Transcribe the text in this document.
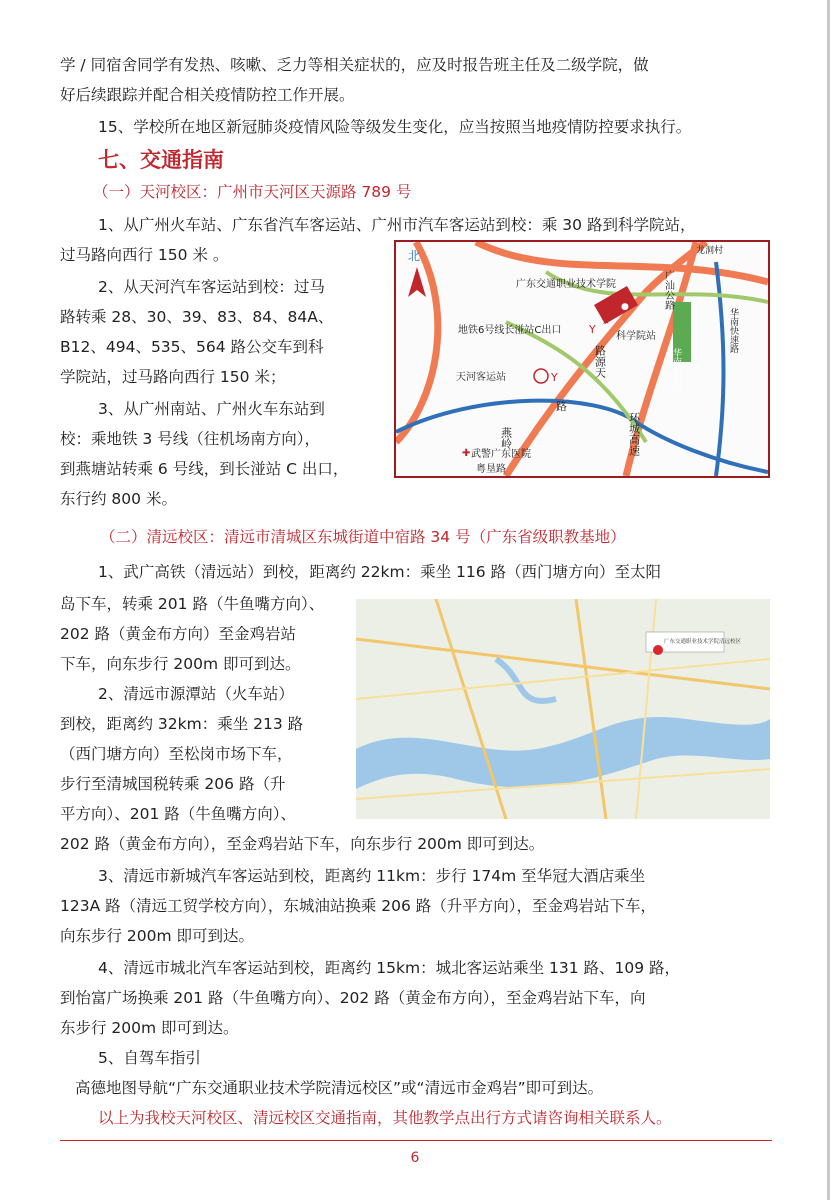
学 / 同宿舍同学有发热、咳嗽、乏力等相关症状的，应及时报告班主任及二级学院，做
好后续跟踪并配合相关疫情防控工作开展。
15、学校所在地区新冠肺炎疫情风险等级发生变化，应当按照当地疫情防控要求执行。
七、交通指南
（一）天河校区：广州市天河区天源路 789 号
1、从广州火车站、广东省汽车客运站、广州市汽车客运站到校：乘 30 路到科学院站，
过马路向西行 150 米 。
2、从天河汽车客运站到校：过马
路转乘 28、30、39、83、84、84A、
B12、494、535、564 路公交车到科
学院站，过马路向西行 150 米；
3、从广州南站、广州火车东站到
校：乘地铁 3 号线（往机场南方向），
到燕塘站转乘 6 号线，到长湴站 C 出口，
东行约 800 米。
北
●
★
广东交通职业技术学院
地铁6号线长湴站C出口	Y
科学院站
天河客运站	Y
龙洞村
华南植物园
广汕公路
华南快速路
路源天
环城高速
路
燕岭
武警广东医院
✚
粤垦路
（二）清远校区：清远市清城区东城街道中宿路 34 号（广东省级职教基地）
1、武广高铁（清远站）到校，距离约 22km：乘坐 116 路（西门塘方向）至太阳
岛下车，转乘 201 路（牛鱼嘴方向）、
202 路（黄金布方向）至金鸡岩站
下车，向东步行 200m 即可到达。
2、清远市源潭站（火车站）
到校，距离约 32km：乘坐 213 路
（西门塘方向）至松岗市场下车，
步行至清城国税转乘 206 路（升
平方向）、201 路（牛鱼嘴方向）、
202 路（黄金布方向），至金鸡岩站下车，向东步行 200m 即可到达。
广东交通职业技术学院清远校区
3、清远市新城汽车客运站到校，距离约 11km：步行 174m 至华冠大酒店乘坐
123A 路（清远工贸学校方向），东城油站换乘 206 路（升平方向），至金鸡岩站下车，
向东步行 200m 即可到达。
4、清远市城北汽车客运站到校，距离约 15km：城北客运站乘坐 131 路、109 路，
到怡富广场换乘 201 路（牛鱼嘴方向）、202 路（黄金布方向），至金鸡岩站下车，向
东步行 200m 即可到达。
5、自驾车指引
高德地图导航“广东交通职业技术学院清远校区”或“清远市金鸡岩”即可到达。
以上为我校天河校区、清远校区交通指南，其他教学点出行方式请咨询相关联系人。
6
